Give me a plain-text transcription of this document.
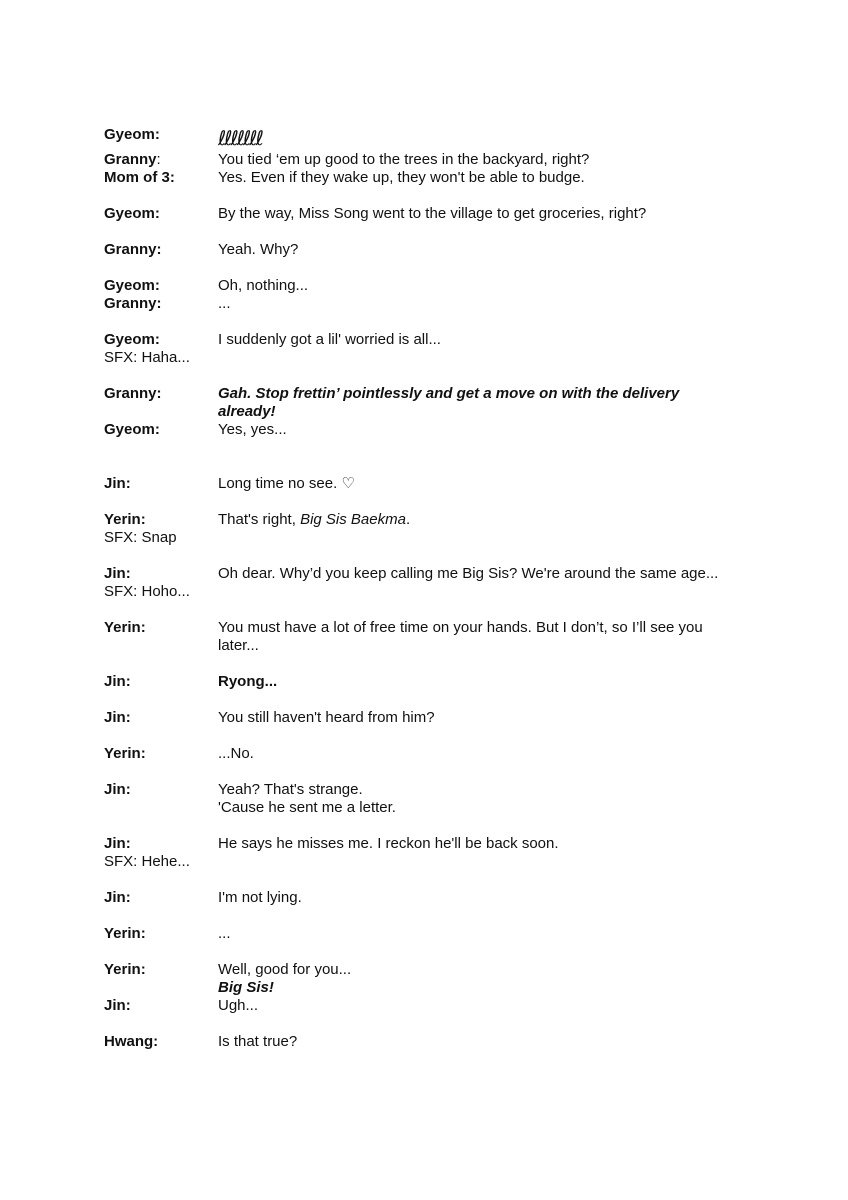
Gyeom:	ℓℓℓℓℓℓℓ
Granny:	You tied ‘em up good to the trees in the backyard, right?
Mom of 3:	Yes. Even if they wake up, they won't be able to budge.
Gyeom:	By the way, Miss Song went to the village to get groceries, right?
Granny:	Yeah. Why?
Gyeom:	Oh, nothing...
Granny:	...
Gyeom:	I suddenly got a lil' worried is all...
SFX: Haha...
Granny:	Gah. Stop frettin’ pointlessly and get a move on with the delivery
already!
Gyeom:	Yes, yes...
Jin:	Long time no see. ♡
Yerin:	That's right, Big Sis Baekma.
SFX: Snap
Jin:	Oh dear. Why’d you keep calling me Big Sis? We're around the same age...
SFX: Hoho...
Yerin:	You must have a lot of free time on your hands. But I don’t, so I’ll see you
later...
Jin:	Ryong...
Jin:	You still haven't heard from him?
Yerin:	...No.
Jin:	Yeah? That's strange.
'Cause he sent me a letter.
Jin:	He says he misses me. I reckon he'll be back soon.
SFX: Hehe...
Jin:	I'm not lying.
Yerin:	...
Yerin:	Well, good for you...
Big Sis!
Jin:	Ugh...
Hwang:	Is that true?
